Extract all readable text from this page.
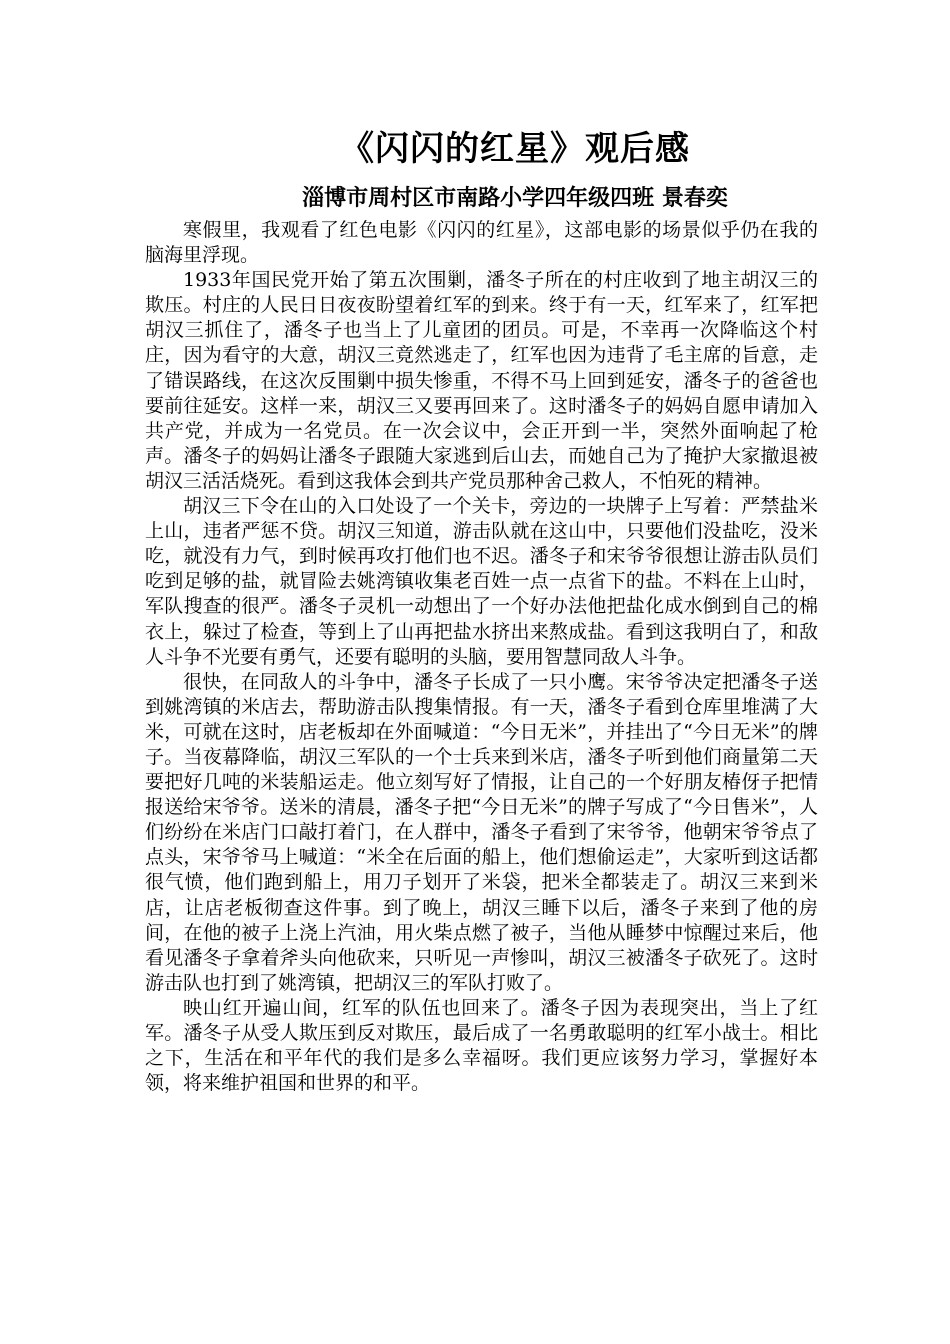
《闪闪的红星》观后感
淄博市周村区市南路小学四年级四班 景春奕

寒假里，我观看了红色电影《闪闪的红星》，这部电影的场景似乎仍在我的脑海里浮现。

1933年国民党开始了第五次围剿，潘冬子所在的村庄收到了地主胡汉三的欺压。村庄的人民日日夜夜盼望着红军的到来。终于有一天，红军来了，红军把胡汉三抓住了，潘冬子也当上了儿童团的团员。可是，不幸再一次降临这个村庄，因为看守的大意，胡汉三竟然逃走了，红军也因为违背了毛主席的旨意，走了错误路线，在这次反围剿中损失惨重，不得不马上回到延安，潘冬子的爸爸也要前往延安。这样一来，胡汉三又要再回来了。这时潘冬子的妈妈自愿申请加入共产党，并成为一名党员。在一次会议中，会正开到一半，突然外面响起了枪声。潘冬子的妈妈让潘冬子跟随大家逃到后山去，而她自己为了掩护大家撤退被胡汉三活活烧死。看到这我体会到共产党员那种舍己救人，不怕死的精神。

胡汉三下令在山的入口处设了一个关卡，旁边的一块牌子上写着：严禁盐米上山，违者严惩不贷。胡汉三知道，游击队就在这山中，只要他们没盐吃，没米吃，就没有力气，到时候再攻打他们也不迟。潘冬子和宋爷爷很想让游击队员们吃到足够的盐，就冒险去姚湾镇收集老百姓一点一点省下的盐。不料在上山时，军队搜查的很严。潘冬子灵机一动想出了一个好办法他把盐化成水倒到自己的棉衣上，躲过了检查，等到上了山再把盐水挤出来熬成盐。看到这我明白了，和敌人斗争不光要有勇气，还要有聪明的头脑，要用智慧同敌人斗争。

很快，在同敌人的斗争中，潘冬子长成了一只小鹰。宋爷爷决定把潘冬子送到姚湾镇的米店去，帮助游击队搜集情报。有一天，潘冬子看到仓库里堆满了大米，可就在这时，店老板却在外面喊道：“今日无米”，并挂出了“今日无米”的牌子。当夜幕降临，胡汉三军队的一个士兵来到米店，潘冬子听到他们商量第二天要把好几吨的米装船运走。他立刻写好了情报，让自己的一个好朋友椿伢子把情报送给宋爷爷。送米的清晨，潘冬子把“今日无米”的牌子写成了“今日售米”，人们纷纷在米店门口敲打着门，在人群中，潘冬子看到了宋爷爷，他朝宋爷爷点了点头，宋爷爷马上喊道：“米全在后面的船上，他们想偷运走”，大家听到这话都很气愤，他们跑到船上，用刀子划开了米袋，把米全都装走了。胡汉三来到米店，让店老板彻查这件事。到了晚上，胡汉三睡下以后，潘冬子来到了他的房间，在他的被子上浇上汽油，用火柴点燃了被子，当他从睡梦中惊醒过来后，他看见潘冬子拿着斧头向他砍来，只听见一声惨叫，胡汉三被潘冬子砍死了。这时游击队也打到了姚湾镇，把胡汉三的军队打败了。

映山红开遍山间，红军的队伍也回来了。潘冬子因为表现突出，当上了红军。潘冬子从受人欺压到反对欺压，最后成了一名勇敢聪明的红军小战士。相比之下，生活在和平年代的我们是多么幸福呀。我们更应该努力学习，掌握好本领，将来维护祖国和世界的和平。
